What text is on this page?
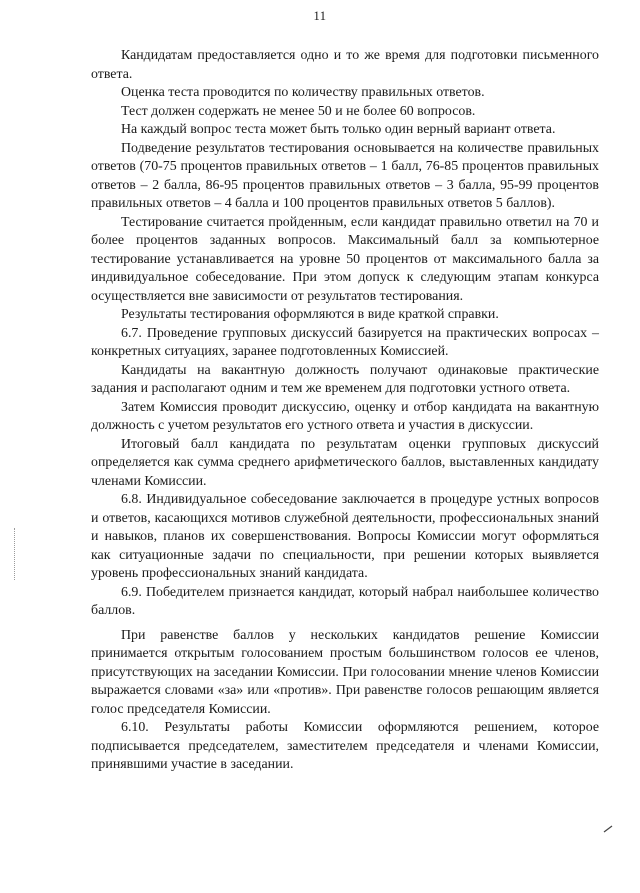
11

Кандидатам предоставляется одно и то же время для подготовки письменного ответа.

Оценка теста проводится по количеству правильных ответов.

Тест должен содержать не менее 50 и не более 60 вопросов.

На каждый вопрос теста может быть только один верный вариант ответа.

Подведение результатов тестирования основывается на количестве правильных ответов (70-75 процентов правильных ответов – 1 балл, 76-85 процентов правильных ответов – 2 балла, 86-95 процентов правильных ответов – 3 балла, 95-99 процентов правильных ответов – 4 балла и 100 процентов правильных ответов 5 баллов).

Тестирование считается пройденным, если кандидат правильно ответил на 70 и более процентов заданных вопросов. Максимальный балл за компьютерное тестирование устанавливается на уровне 50 процентов от максимального балла за индивидуальное собеседование. При этом допуск к следующим этапам конкурса осуществляется вне зависимости от результатов тестирования.

Результаты тестирования оформляются в виде краткой справки.

6.7. Проведение групповых дискуссий базируется на практических вопросах – конкретных ситуациях, заранее подготовленных Комиссией.

Кандидаты на вакантную должность получают одинаковые практические задания и располагают одним и тем же временем для подготовки устного ответа.

Затем Комиссия проводит дискуссию, оценку и отбор кандидата на вакантную должность с учетом результатов его устного ответа и участия в дискуссии.

Итоговый балл кандидата по результатам оценки групповых дискуссий определяется как сумма среднего арифметического баллов, выставленных кандидату членами Комиссии.

6.8. Индивидуальное собеседование заключается в процедуре устных вопросов и ответов, касающихся мотивов служебной деятельности, профессиональных знаний и навыков, планов их совершенствования. Вопросы Комиссии могут оформляться как ситуационные задачи по специальности, при решении которых выявляется уровень профессиональных знаний кандидата.

6.9. Победителем признается кандидат, который набрал наибольшее количество баллов.

При равенстве баллов у нескольких кандидатов решение Комиссии принимается открытым голосованием простым большинством голосов ее членов, присутствующих на заседании Комиссии. При голосовании мнение членов Комиссии выражается словами «за» или «против». При равенстве голосов решающим является голос председателя Комиссии.

6.10. Результаты работы Комиссии оформляются решением, которое подписывается председателем, заместителем председателя и членами Комиссии, принявшими участие в заседании.
